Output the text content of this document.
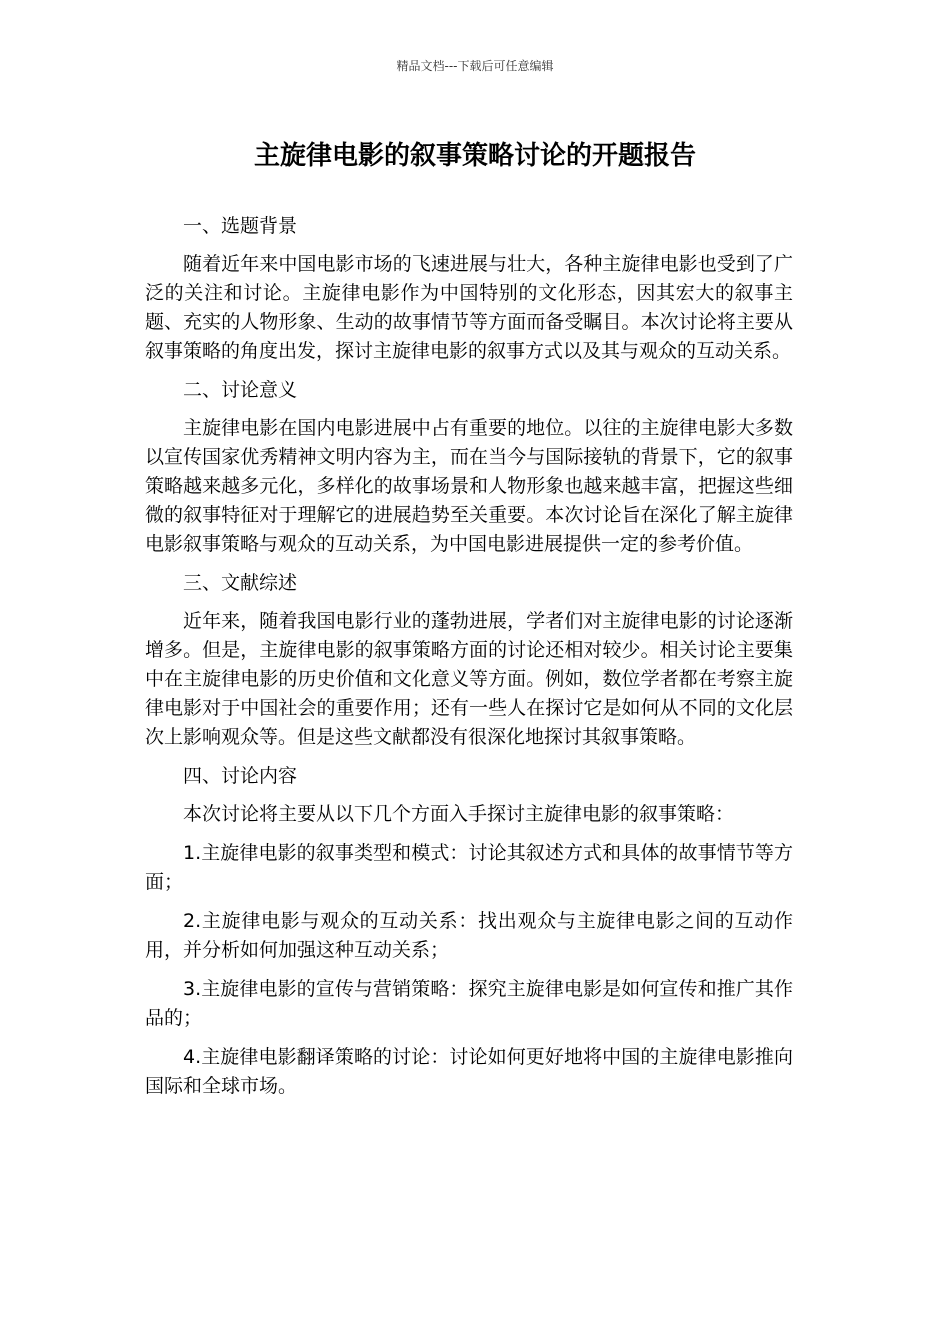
精品文档---下载后可任意编辑
主旋律电影的叙事策略讨论的开题报告

一、选题背景

随着近年来中国电影市场的飞速进展与壮大，各种主旋律电影也受到了广泛的关注和讨论。主旋律电影作为中国特别的文化形态，因其宏大的叙事主题、充实的人物形象、生动的故事情节等方面而备受瞩目。本次讨论将主要从叙事策略的角度出发，探讨主旋律电影的叙事方式以及其与观众的互动关系。

二、讨论意义

主旋律电影在国内电影进展中占有重要的地位。以往的主旋律电影大多数以宣传国家优秀精神文明内容为主，而在当今与国际接轨的背景下，它的叙事策略越来越多元化，多样化的故事场景和人物形象也越来越丰富，把握这些细微的叙事特征对于理解它的进展趋势至关重要。本次讨论旨在深化了解主旋律电影叙事策略与观众的互动关系，为中国电影进展提供一定的参考价值。

三、文献综述

近年来，随着我国电影行业的蓬勃进展，学者们对主旋律电影的讨论逐渐增多。但是，主旋律电影的叙事策略方面的讨论还相对较少。相关讨论主要集中在主旋律电影的历史价值和文化意义等方面。例如，数位学者都在考察主旋律电影对于中国社会的重要作用；还有一些人在探讨它是如何从不同的文化层次上影响观众等。但是这些文献都没有很深化地探讨其叙事策略。

四、讨论内容

本次讨论将主要从以下几个方面入手探讨主旋律电影的叙事策略：

1.主旋律电影的叙事类型和模式：讨论其叙述方式和具体的故事情节等方面；

2.主旋律电影与观众的互动关系：找出观众与主旋律电影之间的互动作用，并分析如何加强这种互动关系；

3.主旋律电影的宣传与营销策略：探究主旋律电影是如何宣传和推广其作品的；

4.主旋律电影翻译策略的讨论：讨论如何更好地将中国的主旋律电影推向国际和全球市场。
